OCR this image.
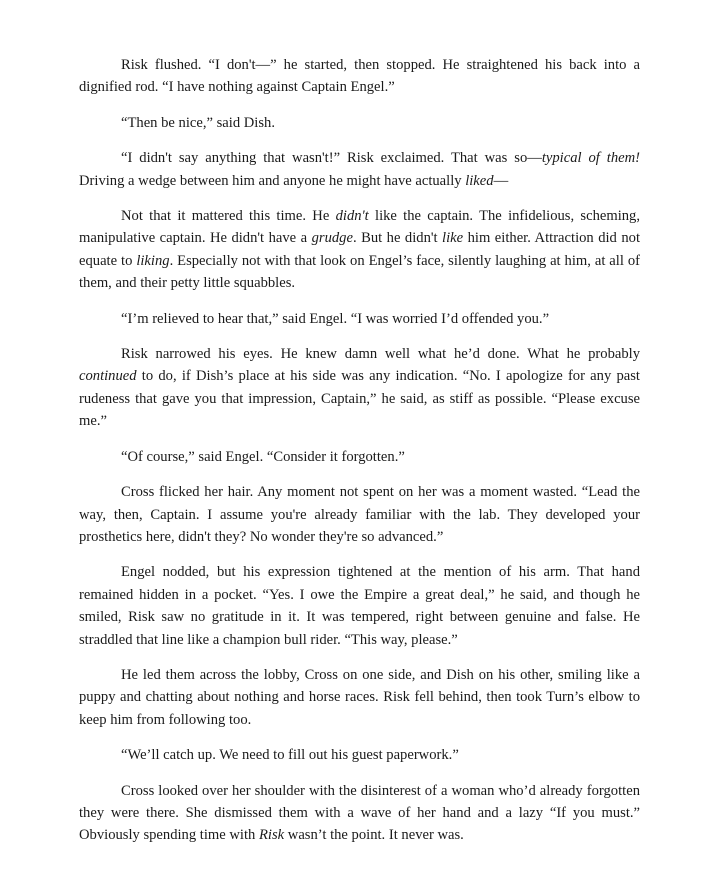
Risk flushed. “I don't—” he started, then stopped. He straightened his back into a dignified rod. “I have nothing against Captain Engel.”

“Then be nice,” said Dish.

“I didn't say anything that wasn't!” Risk exclaimed. That was so—typical of them! Driving a wedge between him and anyone he might have actually liked—

Not that it mattered this time. He didn't like the captain. The infidelious, scheming, manipulative captain. He didn't have a grudge. But he didn't like him either. Attraction did not equate to liking. Especially not with that look on Engel’s face, silently laughing at him, at all of them, and their petty little squabbles.

“I’m relieved to hear that,” said Engel. “I was worried I’d offended you.”

Risk narrowed his eyes. He knew damn well what he’d done. What he probably continued to do, if Dish’s place at his side was any indication. “No. I apologize for any past rudeness that gave you that impression, Captain,” he said, as stiff as possible. “Please excuse me.”

“Of course,” said Engel. “Consider it forgotten.”

Cross flicked her hair. Any moment not spent on her was a moment wasted. “Lead the way, then, Captain. I assume you're already familiar with the lab. They developed your prosthetics here, didn't they? No wonder they're so advanced.”

Engel nodded, but his expression tightened at the mention of his arm. That hand remained hidden in a pocket. “Yes. I owe the Empire a great deal,” he said, and though he smiled, Risk saw no gratitude in it. It was tempered, right between genuine and false. He straddled that line like a champion bull rider. “This way, please.”

He led them across the lobby, Cross on one side, and Dish on his other, smiling like a puppy and chatting about nothing and horse races. Risk fell behind, then took Turn’s elbow to keep him from following too.

“We’ll catch up. We need to fill out his guest paperwork.”

Cross looked over her shoulder with the disinterest of a woman who’d already forgotten they were there. She dismissed them with a wave of her hand and a lazy “If you must.” Obviously spending time with Risk wasn’t the point. It never was.
